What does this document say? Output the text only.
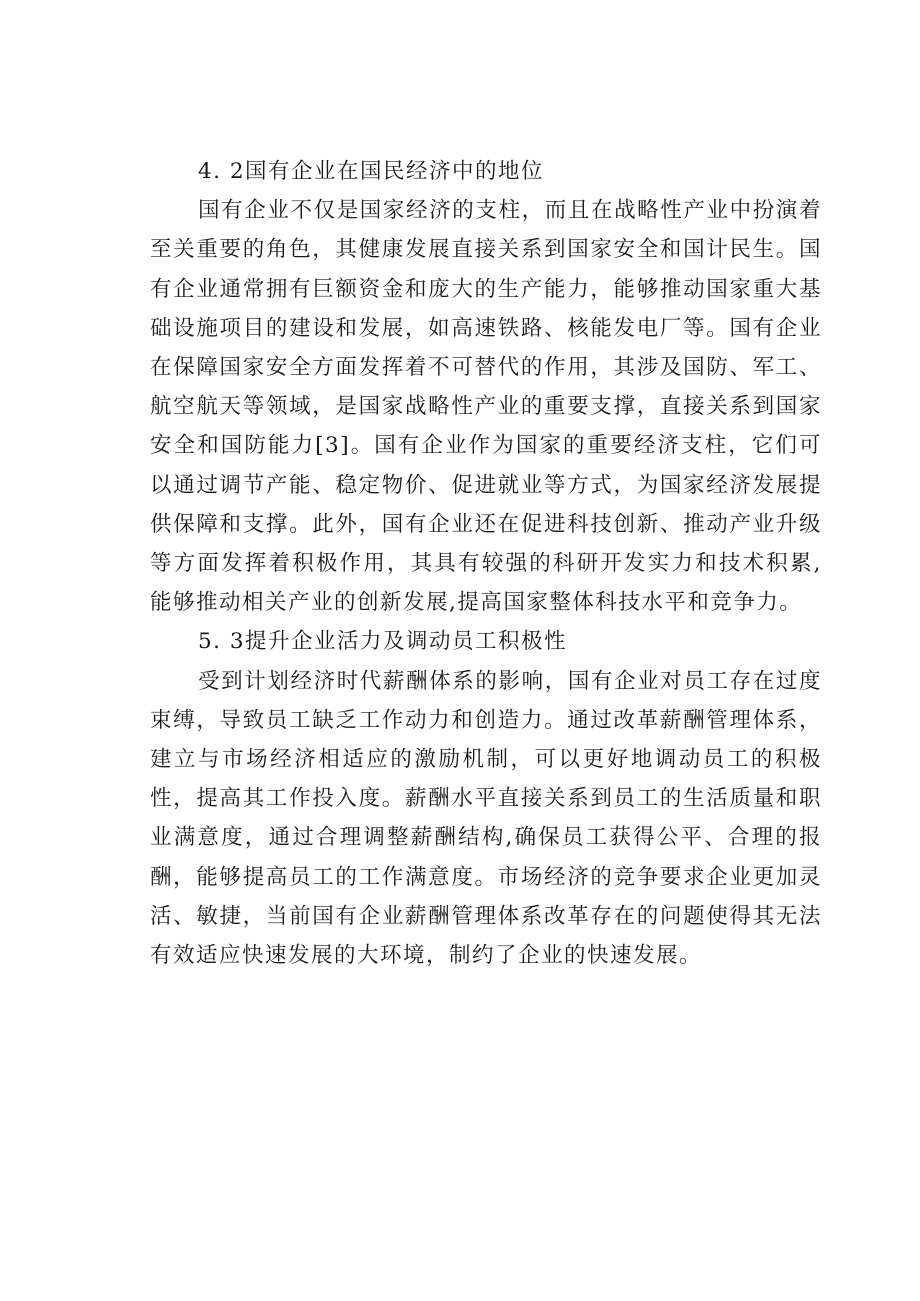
4. 2国有企业在国民经济中的地位

国有企业不仅是国家经济的支柱，而且在战略性产业中扮演着至关重要的角色，其健康发展直接关系到国家安全和国计民生。国有企业通常拥有巨额资金和庞大的生产能力，能够推动国家重大基础设施项目的建设和发展，如高速铁路、核能发电厂等。国有企业在保障国家安全方面发挥着不可替代的作用，其涉及国防、军工、航空航天等领域，是国家战略性产业的重要支撑，直接关系到国家安全和国防能力[3]。国有企业作为国家的重要经济支柱，它们可以通过调节产能、稳定物价、促进就业等方式，为国家经济发展提供保障和支撑。此外，国有企业还在促进科技创新、推动产业升级等方面发挥着积极作用，其具有较强的科研开发实力和技术积累,能够推动相关产业的创新发展,提高国家整体科技水平和竞争力。

5. 3提升企业活力及调动员工积极性

受到计划经济时代薪酬体系的影响，国有企业对员工存在过度束缚，导致员工缺乏工作动力和创造力。通过改革薪酬管理体系，建立与市场经济相适应的激励机制，可以更好地调动员工的积极性，提高其工作投入度。薪酬水平直接关系到员工的生活质量和职业满意度，通过合理调整薪酬结构,确保员工获得公平、合理的报酬，能够提高员工的工作满意度。市场经济的竞争要求企业更加灵活、敏捷，当前国有企业薪酬管理体系改革存在的问题使得其无法有效适应快速发展的大环境，制约了企业的快速发展。
